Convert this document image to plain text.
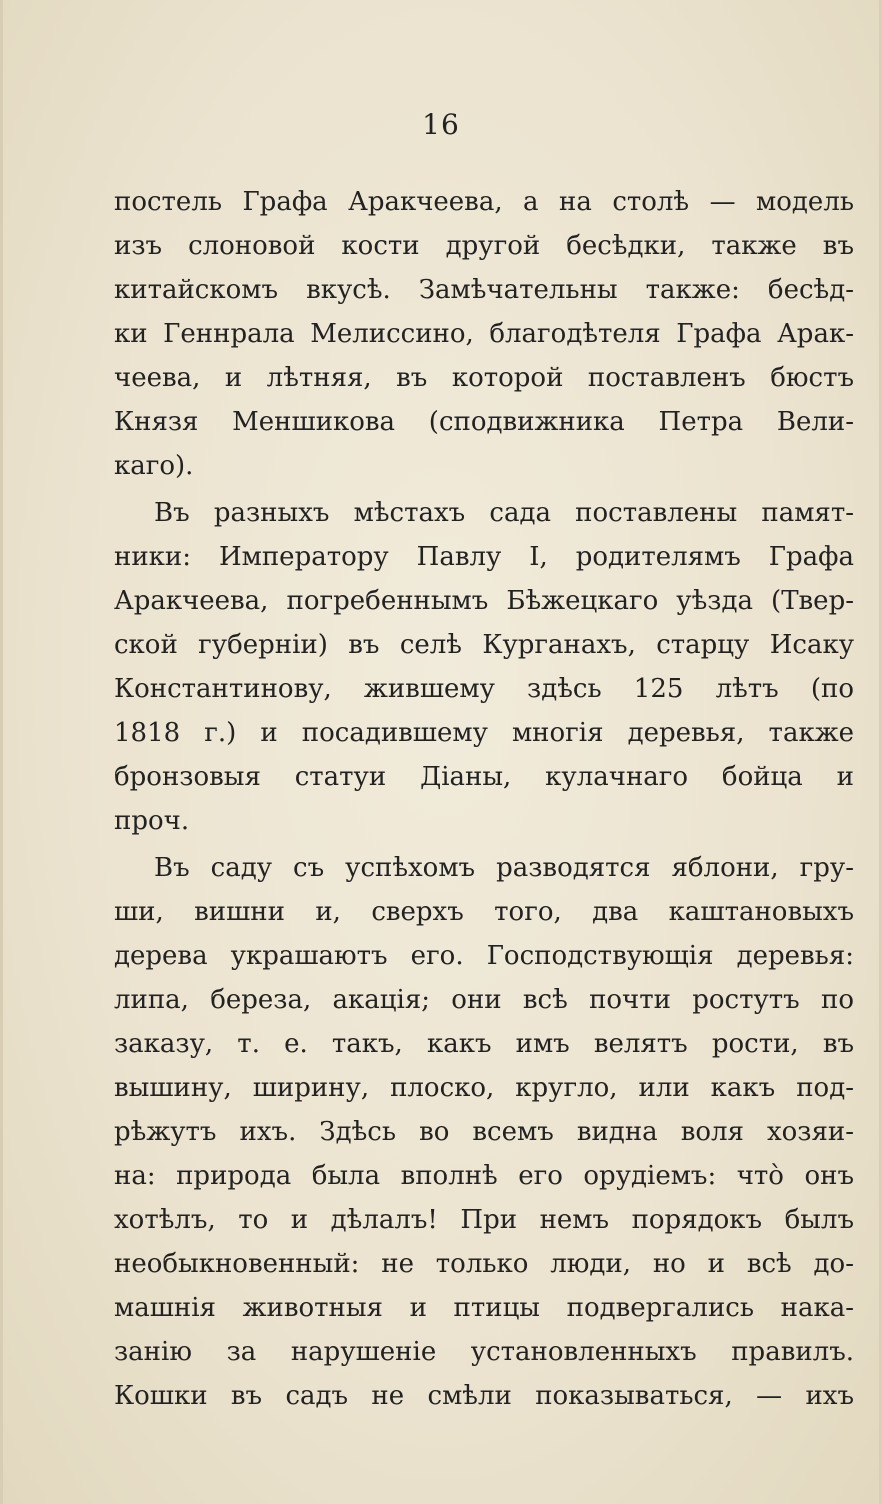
16
постель Графа Аракчеева, а на столѣ — модель
изъ слоновой кости другой бесѣдки, также въ
китайскомъ вкусѣ. Замѣчательны также: бесѣд-
ки Геннрала Мелиссино, благодѣтеля Графа Арак-
чеева, и лѣтняя, въ которой поставленъ бюстъ
Князя Меншикова (сподвижника Петра Вели-
каго).
Въ разныхъ мѣстахъ сада поставлены памят-
ники: Императору Павлу I, родителямъ Графа
Аракчеева, погребеннымъ Бѣжецкаго уѣзда (Твер-
ской губерніи) въ селѣ Курганахъ, старцу Исаку
Константинову, жившему здѣсь 125 лѣтъ (по
1818 г.) и посадившему многія деревья, также
бронзовыя статуи Діаны, кулачнаго бойца и
проч.
Въ саду съ успѣхомъ разводятся яблони, гру-
ши, вишни и, сверхъ того, два каштановыхъ
дерева украшаютъ его. Господствующія деревья:
липа, береза, акація; они всѣ почти ростутъ по
заказу, т. е. такъ, какъ имъ велятъ рости, въ
вышину, ширину, плоско, кругло, или какъ под-
рѣжутъ ихъ. Здѣсь во всемъ видна воля хозяи-
на: природа была вполнѣ его орудіемъ: что̀ онъ
хотѣлъ, то и дѣлалъ! При немъ порядокъ былъ
необыкновенный: не только люди, но и всѣ до-
машнія животныя и птицы подвергались нака-
занію за нарушеніе установленныхъ правилъ.
Кошки въ садъ не смѣли показываться, — ихъ
